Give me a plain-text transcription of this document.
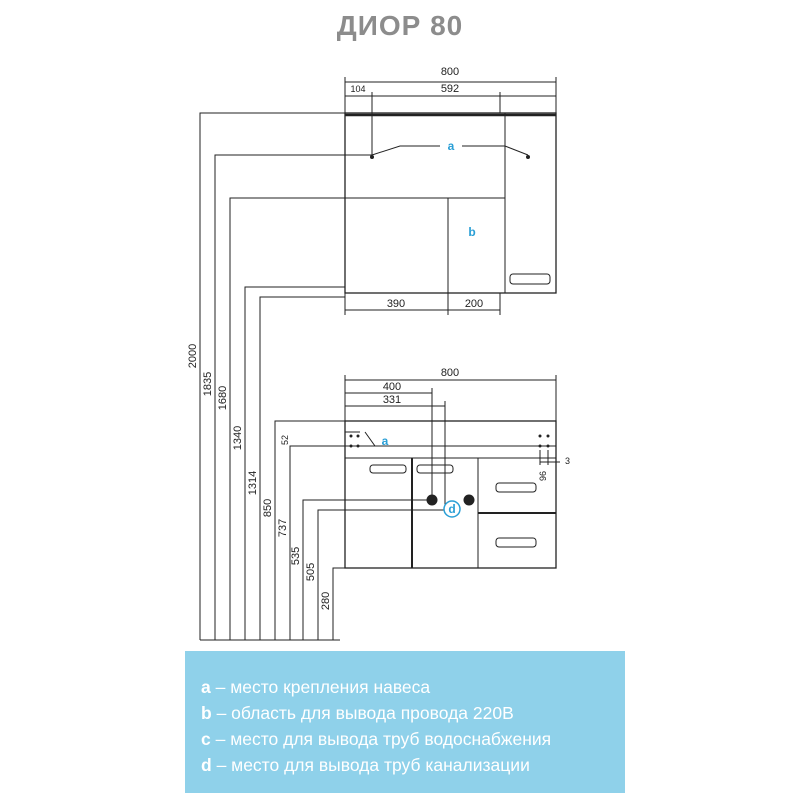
ДИОР 80
800
104	592
390	200
a
b
800
400
331
a
d
3
96
52
2000
1835
1680
1340
1314
850
737
535
505
280
a – место крепления навеса
b – область для вывода провода 220В
c – место для вывода труб водоснабжения
d – место для вывода труб канализации
